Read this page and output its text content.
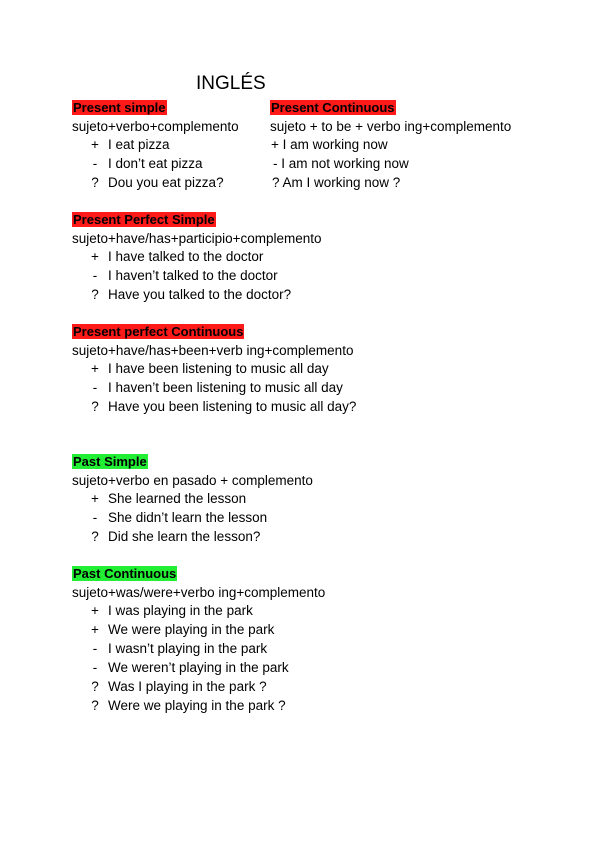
INGLÉS
Present simple
sujeto+verbo+complemento
+ I eat pizza
- I don’t eat pizza
? Dou you eat pizza?
Present Continuous
sujeto + to be + verbo ing+complemento
+ I am working now
- I am not working now
? Am I working now ?
Present Perfect Simple
sujeto+have/has+participio+complemento
+ I have talked to the doctor
- I haven’t talked to the doctor
? Have you talked to the doctor?
Present perfect Continuous
sujeto+have/has+been+verb ing+complemento
+ I have been listening to music all day
- I haven’t been listening to music all day
? Have you been listening to music all day?
Past Simple
sujeto+verbo en pasado + complemento
+ She learned the lesson
- She didn’t learn the lesson
? Did she learn the lesson?
Past Continuous
sujeto+was/were+verbo ing+complemento
+ I was playing in the park
+ We were playing in the park
- I wasn’t playing in the park
- We weren’t playing in the park
? Was I playing in the park ?
? Were we playing in the park ?
